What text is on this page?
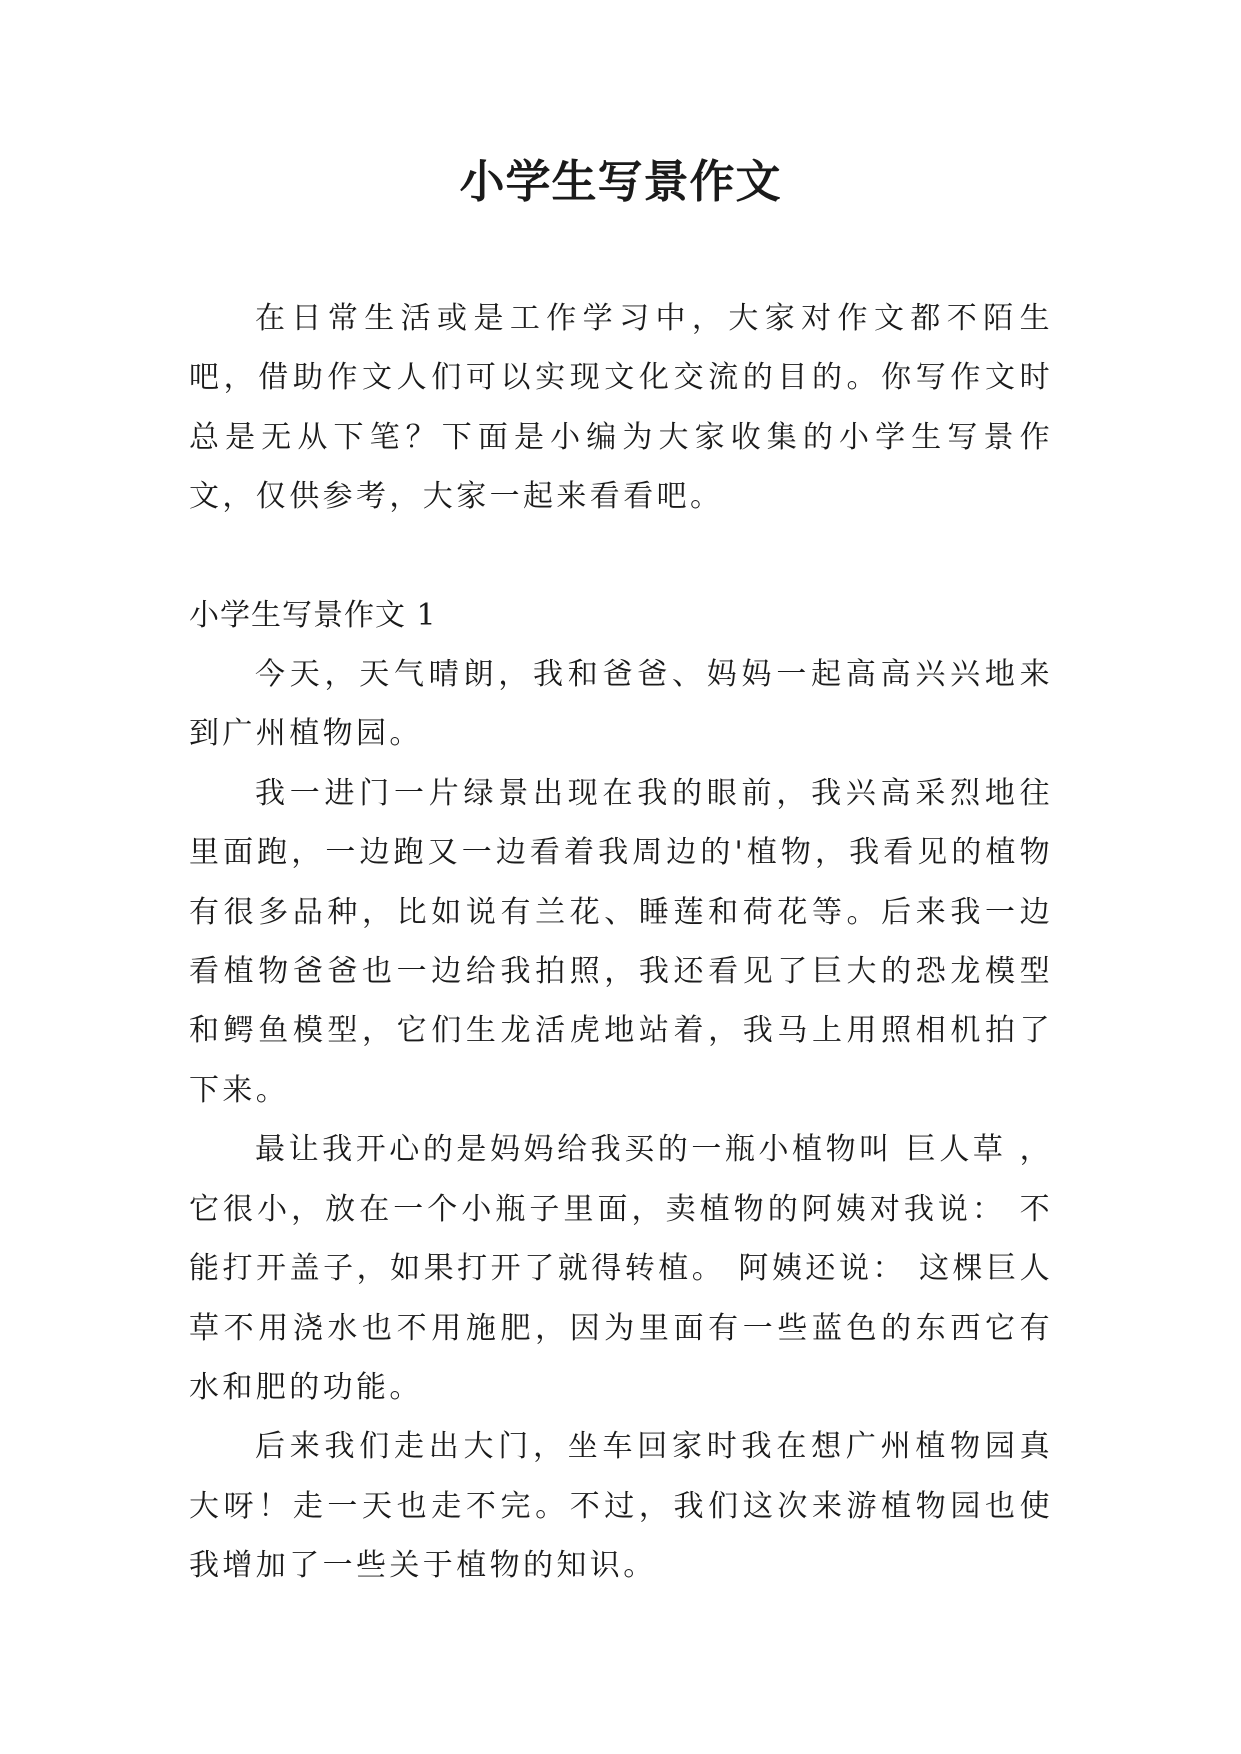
小学生写景作文

在日常生活或是工作学习中，大家对作文都不陌生吧，借助作文人们可以实现文化交流的目的。你写作文时总是无从下笔？下面是小编为大家收集的小学生写景作文，仅供参考，大家一起来看看吧。

小学生写景作文 1

今天，天气晴朗，我和爸爸、妈妈一起高高兴兴地来到广州植物园。

我一进门一片绿景出现在我的眼前，我兴高采烈地往里面跑，一边跑又一边看着我周边的'植物，我看见的植物有很多品种，比如说有兰花、睡莲和荷花等。后来我一边看植物爸爸也一边给我拍照，我还看见了巨大的恐龙模型和鳄鱼模型，它们生龙活虎地站着，我马上用照相机拍了下来。

最让我开心的是妈妈给我买的一瓶小植物叫 巨人草 ，它很小，放在一个小瓶子里面，卖植物的阿姨对我说： 不能打开盖子，如果打开了就得转植。 阿姨还说： 这棵巨人草不用浇水也不用施肥，因为里面有一些蓝色的东西它有水和肥的功能。

后来我们走出大门，坐车回家时我在想广州植物园真大呀！走一天也走不完。不过，我们这次来游植物园也使我增加了一些关于植物的知识。
